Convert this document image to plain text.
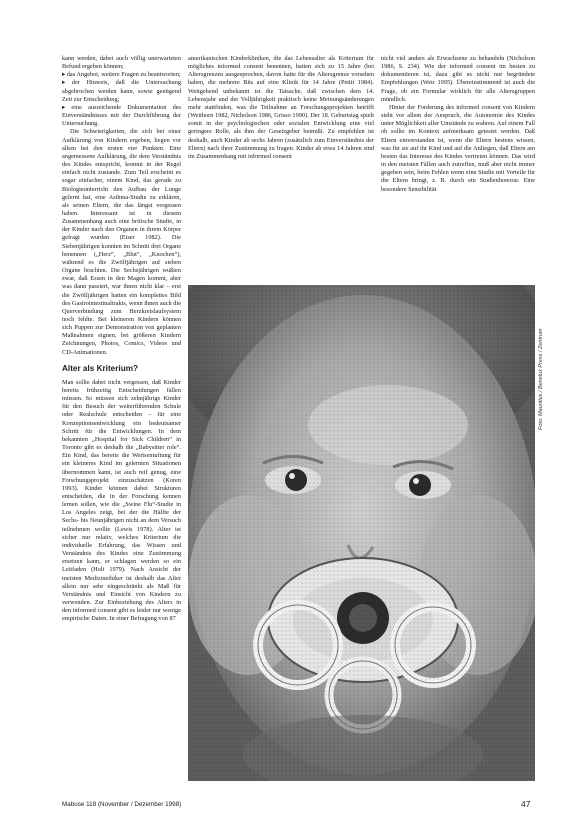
kann werden, dabei auch völlig unerwarteten Befund ergeben können;

▸ das Angebot, weitere Fragen zu beantworten;

▸ der Hinweis, daß die Untersuchung abgebrochen werden kann, sowie genügend Zeit zur Entscheidung;

▸ eine ausreichende Dokumentation des Einverständnisses mit der Durchführung der Untersuchung.

Die Schwierigkeiten, die sich bei einer Aufklärung von Kindern ergeben, liegen vor allem bei den ersten vier Punkten. Eine angemessene Aufklärung, die dem Verständnis des Kindes entspricht, kommt in der Regel einfach nicht zustande. Zum Teil erscheint es sogar einfacher, einem Kind, das gerade zu Biologieunterricht den Aufbau der Lunge gelernt hat, eine Asthma-Studie zu erklären, als seinen Eltern, die das längst vergessen haben. Interessant ist in diesem Zusammenhang auch eine britische Studie, in der Kinder nach den Organen in ihrem Körper gefragt wurden (Eiser 1982). Die Siebenjährigen konnten im Schnitt drei Organe benennen („Herz“, „Blut“, „Knochen“), während es die Zwölfjährigen auf sieben Organe brachten. Die Sechsjährigen wußten zwar, daß Essen in den Magen kommt, aber was dann passiert, war ihnen nicht klar – erst die Zwölfjährigen hatten ein komplettes Bild des Gastrointestinaltrakts, wenn ihnen auch die Querverbindung zum Herzkreislaufsystem noch fehlte. Bei kleineren Kindern können sich Puppen zur Demonstration von geplanten Maßnahmen eignen, bei größeren Kindern Zeichnungen, Photos, Comics, Videos und CD-Animationen.

Alter als Kriterium?

Man sollte dabei nicht vergessen, daß Kinder bereits frühzeitig Entscheidungen fällen müssen. So müssen sich zehnjährige Kinder für den Besuch der weiterführenden Schule oder Realschule entscheiden – für eine Konzeptionsentwicklung ein bedeutsamer Schritt für die Entwicklungen. In dem bekannten „Hospital for Sick Children“ in Toronto gibt es deshalb die „Babysitter role“. Ein Kind, das bereits die Wertsentuftung für ein kleineres Kind im gelernten Situationen übernommen kann, ist auch reif genug, eine Forschungsprojekt einzuschätzen (Koren 1993). Kinder können dabei Strukturen entscheiden, die in der Forschung kennen lernen sollen, wie die „Swine Flu“-Studie in Los Angeles zeigt, bei der die Hälfte der Sechs- bis Neunjährigen nicht an dem Versuch teilnehmen wollte (Lewis 1978). Alter ist sicher nur relativ, welches Kriterium die individuelle Erfahrung, das Wissen und Verständnis des Kindes eine Zustimmung ersetzen kann, er schlagen werden so ein Leitfaden (Holt 1979). Nach Ansicht der meisten Medizinethiker ist deshalb das Alter allein nur sehr eingeschränkt als Maß für Verständnis und Einsicht von Kindern zu verwenden. Zur Einbeziehung des Alters in den informed consent gibt es leider nur wenige empirische Daten. In einer Befragung von 87

amerikanischen Kinderkliniken, die das Lebensalter als Kriterium für mögliches informed consent benennen, hatten sich zu 15 Jahre (bei Altersgrenzen ausgesprochen, davon hatte für die Altersgrenze vorsehen haben, die mehrere Bits auf eine Klinik für 14 Jahre (Pettit 1984). Weitgehend unbekannt ist die Tatsache, daß zwischen dem 14. Lebensjahr und der Volljährigkeit praktisch keine Meinungsänderungen mehr stattfinden, was die Teilnahme an Forschungsprojekten betrifft (Weithorn 1982, Nicholson 1986, Grisso 1990). Der 18. Geburtstag spielt somit in der psychologischen oder sozialen Entwicklung eine viel geringere Rolle, als ihm der Gesetzgeber beimißt. Zu empfehlen ist deshalb, auch Kinder ab sechs Jahren (zusätzlich zum Einverständnis der Eltern) nach ihrer Zustimmung zu fragen. Kinder ab etwa 14 Jahren sind im Zusammenhang mit informed consent

nicht viel anders als Erwachsene zu behandeln (Nicholson 1986, S. 234). Wie der informed consent im besten zu dokumentieren ist, dazu gibt es nicht nur begründete Empfehlungen (Weir 1995). Übereinstimmend ist auch die Frage, ob ein Formular wirklich für alle Altersgruppen mündlich.

Hinter der Forderung des informed consent von Kindern steht vor allem der Anspruch, die Autonomie des Kindes unter Möglichkeit aller Umstände zu wahren. Auf einem Fall ob sollte im Kontext aufmerksam getestet werden. Daß Eltern einverstanden ist, wenn die Eltern bestens wissen, was für sie auf ihr Kind und auf die Anliegen, daß Eltern am besten das Interesse des Kindes vertreten können. Das wird in den meisten Fällen auch zutreffen, muß aber nicht immer gegeben sein, beim Fehlen wenn eine Studie mit Vorteile für die Eltern bringt, z. B. durch ein Studienhonorar. Eine besondere Sensibilität

Foto: Mauritius / Benelux Press / Zentrum
Mabuse 118 (November / Dezember 1998)	47
